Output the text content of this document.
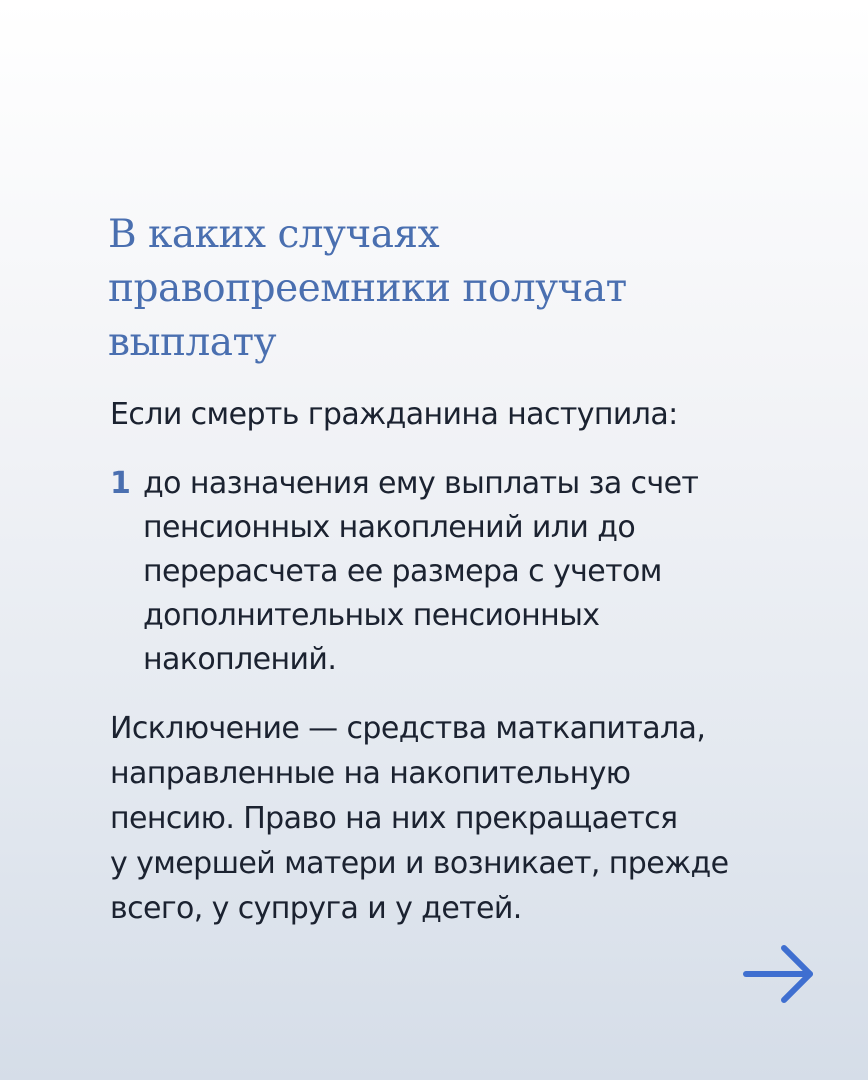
В каких случаях
правопреемники получат
выплату

Если смерть гражданина наступила:

1 до назначения ему выплаты за счет
пенсионных накоплений или до
перерасчета ее размера с учетом
дополнительных пенсионных
накоплений.
Исключение — средства маткапитала,
направленные на накопительную
пенсию. Право на них прекращается
у умершей матери и возникает, прежде
всего, у супруга и у детей.
